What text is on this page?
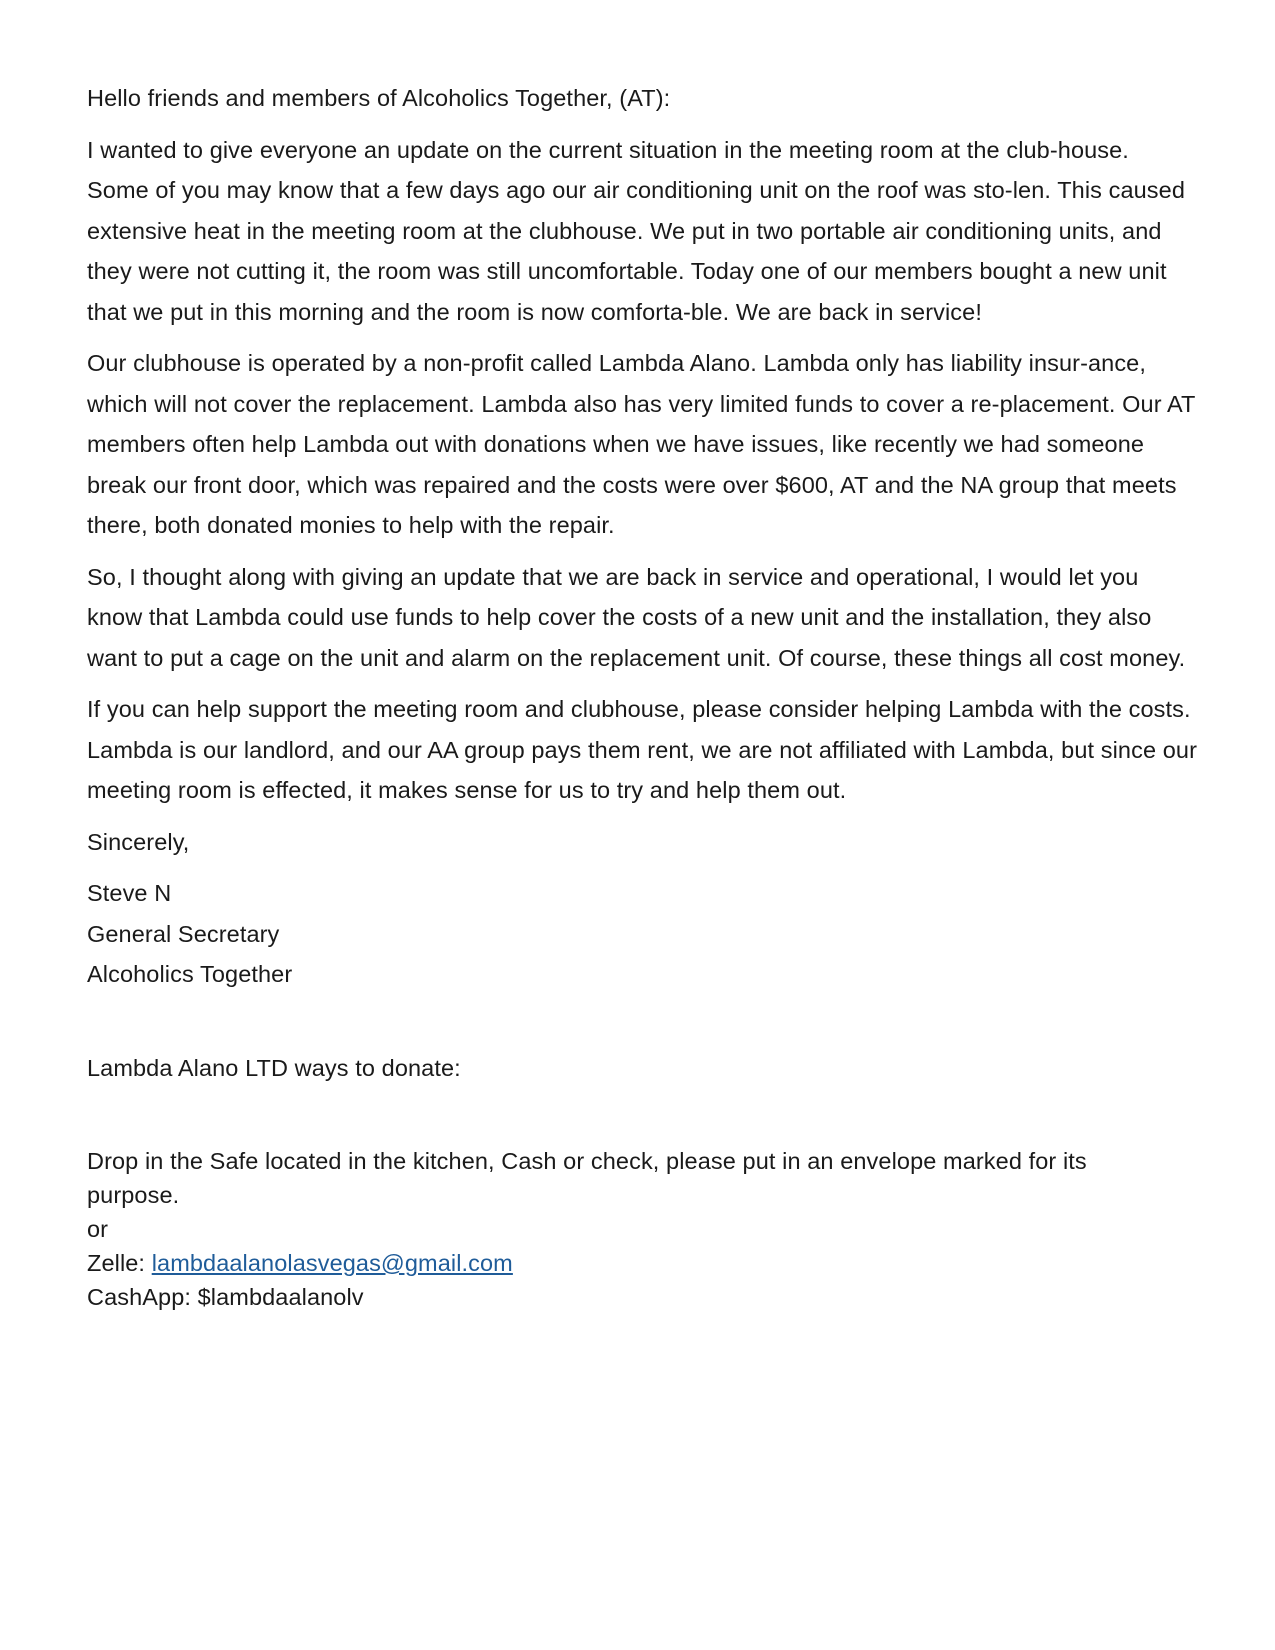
Hello friends and members of Alcoholics Together, (AT):

I wanted to give everyone an update on the current situation in the meeting room at the club-house. Some of you may know that a few days ago our air conditioning unit on the roof was sto-len. This caused extensive heat in the meeting room at the clubhouse. We put in two portable air conditioning units, and they were not cutting it, the room was still uncomfortable. Today one of our members bought a new unit that we put in this morning and the room is now comforta-ble. We are back in service!

Our clubhouse is operated by a non-profit called Lambda Alano. Lambda only has liability insur-ance, which will not cover the replacement. Lambda also has very limited funds to cover a re-placement. Our AT members often help Lambda out with donations when we have issues, like recently we had someone break our front door, which was repaired and the costs were over $600, AT and the NA group that meets there, both donated monies to help with the repair.

So, I thought along with giving an update that we are back in service and operational, I would let you know that Lambda could use funds to help cover the costs of a new unit and the installation, they also want to put a cage on the unit and alarm on the replacement unit. Of course, these things all cost money.

If you can help support the meeting room and clubhouse, please consider helping Lambda with the costs. Lambda is our landlord, and our AA group pays them rent, we are not affiliated with Lambda, but since our meeting room is effected, it makes sense for us to try and help them out.

Sincerely,

Steve N
General Secretary
Alcoholics Together

Lambda Alano LTD ways to donate:

Drop in the Safe located in the kitchen, Cash or check, please put in an envelope marked for its
purpose.
or
Zelle: lambdaalanolasvegas@gmail.com
CashApp: $lambdaalanolv
